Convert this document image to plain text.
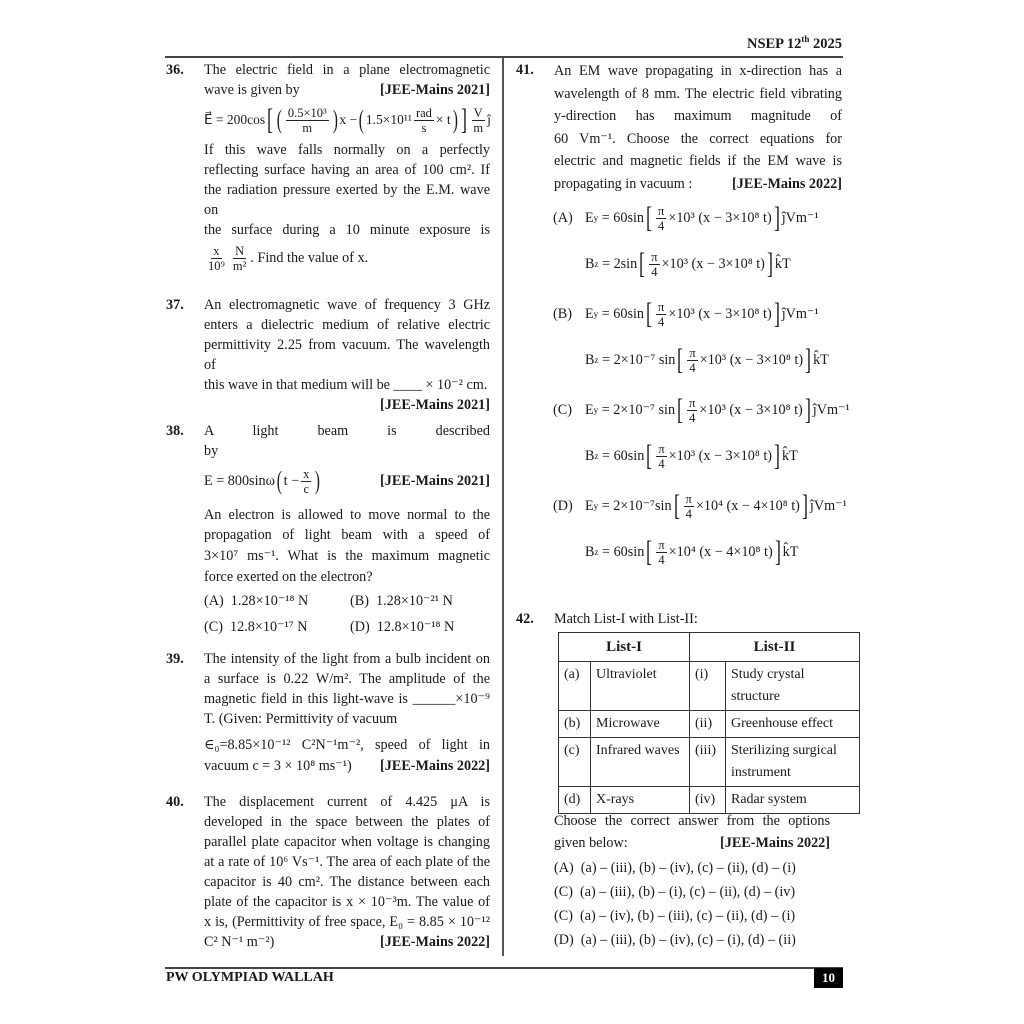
NSEP 12th 2025
36. The electric field in a plane electromagnetic
wave is given by	[JEE-Mains 2021]
E⃗ = 200cos [ ( $\frac{\text{0.5×10³}}{m}$ ) x − ( $1.5\times 10^{11} \frac{\text{rad}}{s} \times t$ ) ] $\frac{V}{m}$ ĵ
If this wave falls normally on a perfectly
reflecting surface having an area of 100 cm². If
the radiation pressure exerted by the E.M. wave on
the surface during a 10 minute exposure is
$\frac{x}{\text{10⁹}} \frac{N}{\text{m²}}$ . Find the value of x.
37. An electromagnetic wave of frequency 3 GHz
enters a dielectric medium of relative electric
permittivity 2.25 from vacuum. The wavelength of
this wave in that medium will be ____ × 10⁻² cm.
[JEE-Mains 2021]
38. A light beam is described by
E = 800sinω ( $t - \frac{x}{c}$ )	[JEE-Mains 2021]
An electron is allowed to move normal to the
propagation of light beam with a speed of
3×10⁷ ms⁻¹. What is the maximum magnetic
force exerted on the electron?
(A) 1.28×10⁻¹⁸ N	(B) 1.28×10⁻²¹ N
(C) 12.8×10⁻¹⁷ N	(D) 12.8×10⁻¹⁸ N
39. The intensity of the light from a bulb incident on
a surface is 0.22 W/m². The amplitude of the
magnetic field in this light-wave is ______×10⁻⁹
T. (Given: Permittivity of vacuum
∈₀=8.85×10⁻¹² C²N⁻¹m⁻², speed of light in
vacuum c = 3 × 10⁸ ms⁻¹) [JEE-Mains 2022]
40. The displacement current of 4.425 μA is
developed in the space between the plates of
parallel plate capacitor when voltage is changing
at a rate of 10⁶ Vs⁻¹. The area of each plate of the
capacitor is 40 cm². The distance between each
plate of the capacitor is x × 10⁻³m. The value of
x is, (Permittivity of free space, E₀ = 8.85 × 10⁻¹²
C² N⁻¹ m⁻²)	[JEE-Mains 2022]
41. An EM wave propagating in x-direction has a
wavelength of 8 mm. The electric field vibrating
y-direction has maximum magnitude of
60 Vm⁻¹. Choose the correct equations for
electric and magnetic fields if the EM wave is
propagating in vacuum :	[JEE-Mains 2022]
(A) E y
= 60sin [ $\frac{\pi}{4} \times 10^3$
(x − 3×10⁸ t) ] ĵVm⁻¹
B z
= 2sin [ $\frac{\pi}{4} \times 10^3$
(x − 3×10⁸ t) ] k̂T
(B) E y
= 60sin [ $\frac{\pi}{4} \times 10^3$
(x − 3×10⁸ t) ] ĵVm⁻¹
B z
= 2×10⁻⁷ sin [ $\frac{\pi}{4} \times 10^3$
(x − 3×10⁸ t) ] k̂T
(C) E y
= 2×10⁻⁷ sin [ $\frac{\pi}{4} \times 10^3$
(x − 3×10⁸ t) ] ĵVm⁻¹
B z
= 60sin [ $\frac{\pi}{4} \times 10^3$
(x − 3×10⁸ t) ] k̂T
(D) E y
= 2×10⁻⁷sin [ $\frac{\pi}{4} \times 10^4$
(x − 4×10⁸ t) ] ĵVm⁻¹
B z
= 60sin [ $\frac{\pi}{4} \times 10^4$
(x − 4×10⁸ t) ] k̂T
42. Match List-I with List-II:
List-I		List-II	
(a)	Ultraviolet	(i)	Study crystal structure
(b)	Microwave	(ii)	Greenhouse effect
(c)	Infrared waves	(iii)	Sterilizing surgical instrument
(d)	X-rays	(iv)	Radar system
Choose the correct answer from the options
given below:	[JEE-Mains 2022]
(A) (a) – (iii), (b) – (iv), (c) – (ii), (d) – (i)
(C) (a) – (iii), (b) – (i), (c) – (ii), (d) – (iv)
(C) (a) – (iv), (b) – (iii), (c) – (ii), (d) – (i)
(D) (a) – (iii), (b) – (iv), (c) – (i), (d) – (ii)
PW OLYMPIAD WALLAH	10
